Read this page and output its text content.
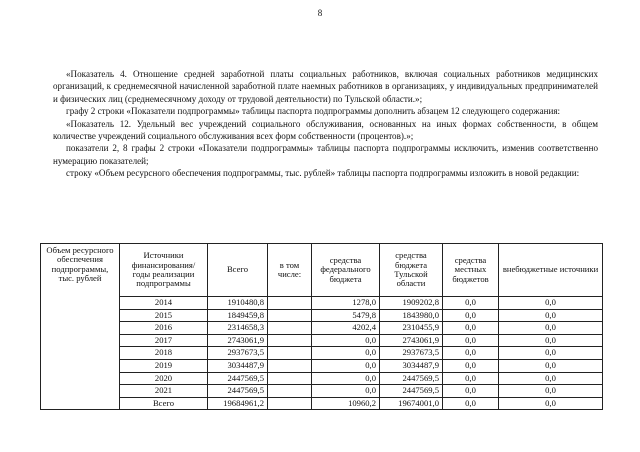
8

«Показатель 4. Отношение средней заработной платы социальных работников, включая социальных работников медицинских организаций, к среднемесячной начисленной заработной плате наемных работников в организациях, у индивидуальных предпринимателей и физических лиц (среднемесячному доходу от трудовой деятельности) по Тульской области.»;

графу 2 строки «Показатели подпрограммы» таблицы паспорта подпрограммы дополнить абзацем 12 следующего содержания:

«Показатель 12. Удельный вес учреждений социального обслуживания, основанных на иных формах собственности, в общем количестве учреждений социального обслуживания всех форм собственности (процентов).»;

показатели 2, 8 графы 2 строки «Показатели подпрограммы» таблицы паспорта подпрограммы исключить, изменив соответственно нумерацию показателей;

строку «Объем ресурсного обеспечения подпрограммы, тыс. рублей» таблицы паспорта подпрограммы изложить в новой редакции:

Объем ресурсного обеспечения подпрограммы, тыс. рублей	Источники финансирования/ годы реализации подпрограммы	Всего	в том числе:	средства федерального бюджета	средства бюджета Тульской области	средства местных бюджетов	внебюджетные источники
	2014	1910480,8		1278,0	1909202,8	0,0	0,0
	2015	1849459,8		5479,8	1843980,0	0,0	0,0
	2016	2314658,3		4202,4	2310455,9	0,0	0,0
	2017	2743061,9		0,0	2743061,9	0,0	0,0
	2018	2937673,5		0,0	2937673,5	0,0	0,0
	2019	3034487,9		0,0	3034487,9	0,0	0,0
	2020	2447569,5		0,0	2447569,5	0,0	0,0
	2021	2447569,5		0,0	2447569,5	0,0	0,0
	Всего	19684961,2		10960,2	19674001,0	0,0	0,0
